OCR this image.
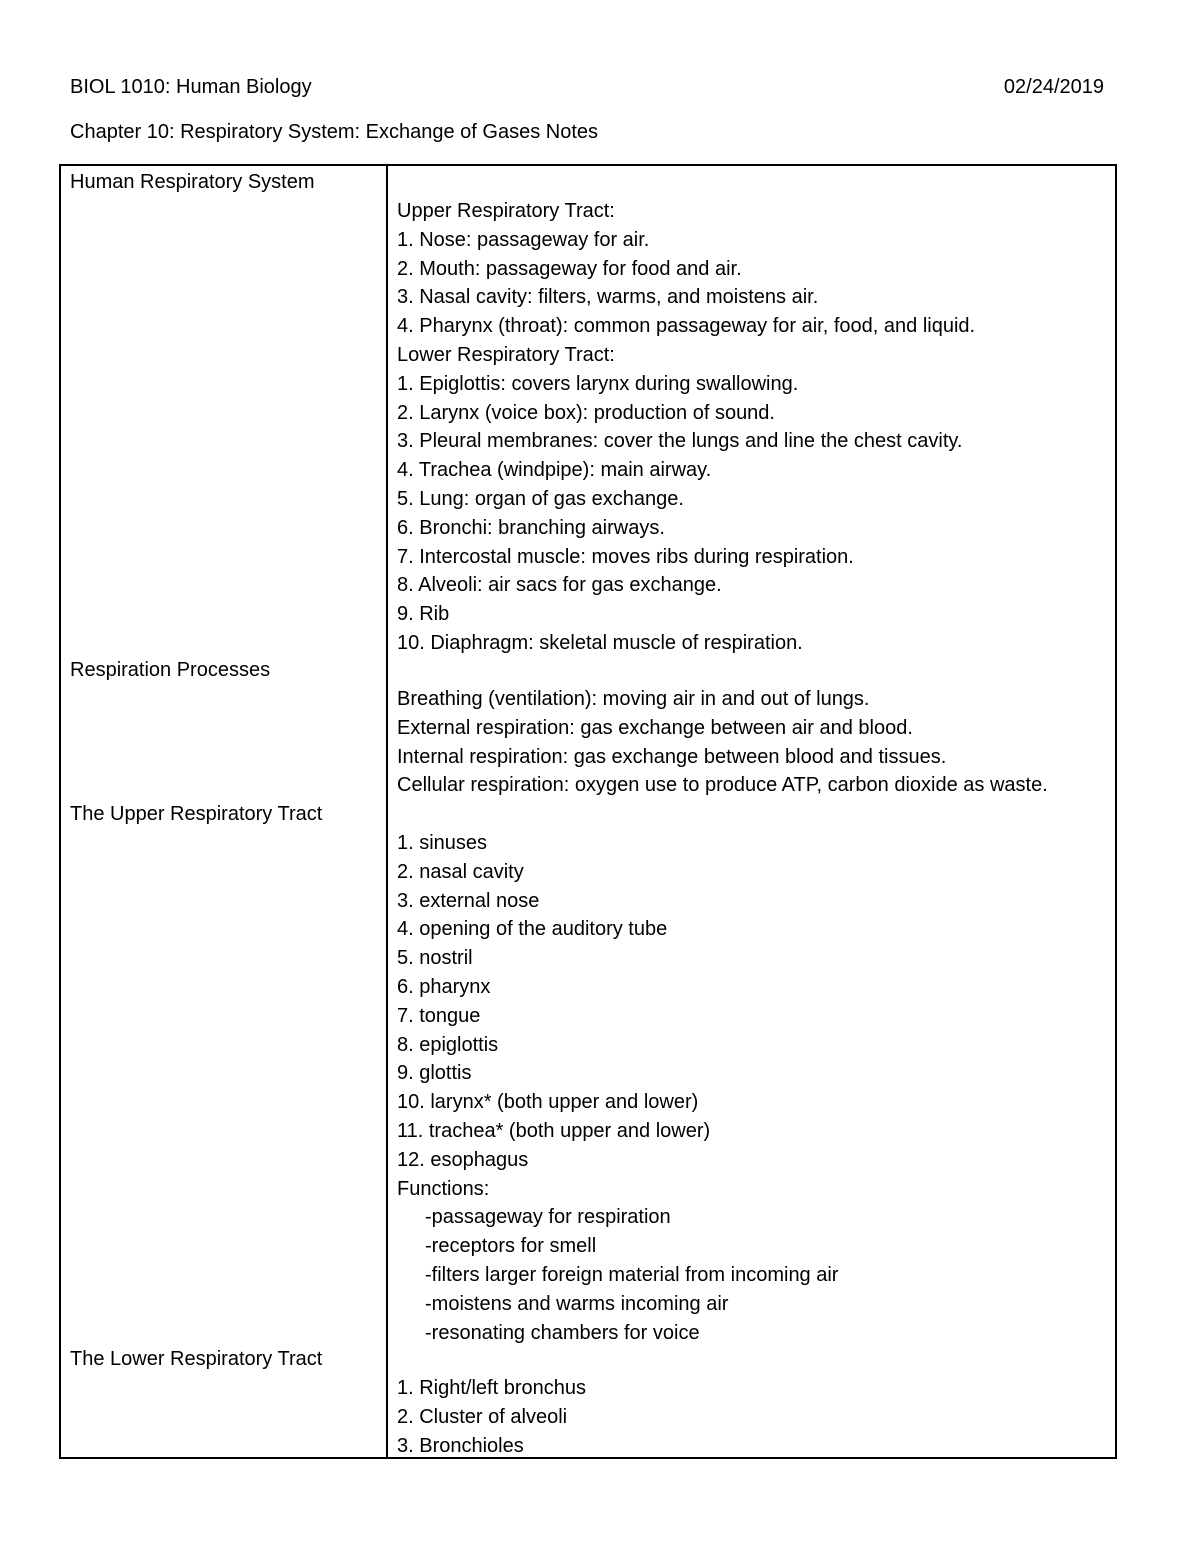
BIOL 1010: Human Biology	02/24/2019
Chapter 10: Respiratory System: Exchange of Gases Notes
Human Respiratory System
Upper Respiratory Tract:
1. Nose: passageway for air.
2. Mouth: passageway for food and air.
3. Nasal cavity: filters, warms, and moistens air.
4. Pharynx (throat): common passageway for air, food, and liquid.
Lower Respiratory Tract:
1. Epiglottis: covers larynx during swallowing.
2. Larynx (voice box): production of sound.
3. Pleural membranes: cover the lungs and line the chest cavity.
4. Trachea (windpipe): main airway.
5. Lung: organ of gas exchange.
6. Bronchi: branching airways.
7. Intercostal muscle: moves ribs during respiration.
8. Alveoli: air sacs for gas exchange.
9. Rib
10. Diaphragm: skeletal muscle of respiration.
Respiration Processes
Breathing (ventilation): moving air in and out of lungs.
External respiration: gas exchange between air and blood.
Internal respiration: gas exchange between blood and tissues.
Cellular respiration: oxygen use to produce ATP, carbon dioxide as waste.
The Upper Respiratory Tract
1. sinuses
2. nasal cavity
3. external nose
4. opening of the auditory tube
5. nostril
6. pharynx
7. tongue
8. epiglottis
9. glottis
10. larynx* (both upper and lower)
11. trachea* (both upper and lower)
12. esophagus
Functions:
-passageway for respiration
-receptors for smell
-filters larger foreign material from incoming air
-moistens and warms incoming air
-resonating chambers for voice
The Lower Respiratory Tract
1. Right/left bronchus
2. Cluster of alveoli
3. Bronchioles
